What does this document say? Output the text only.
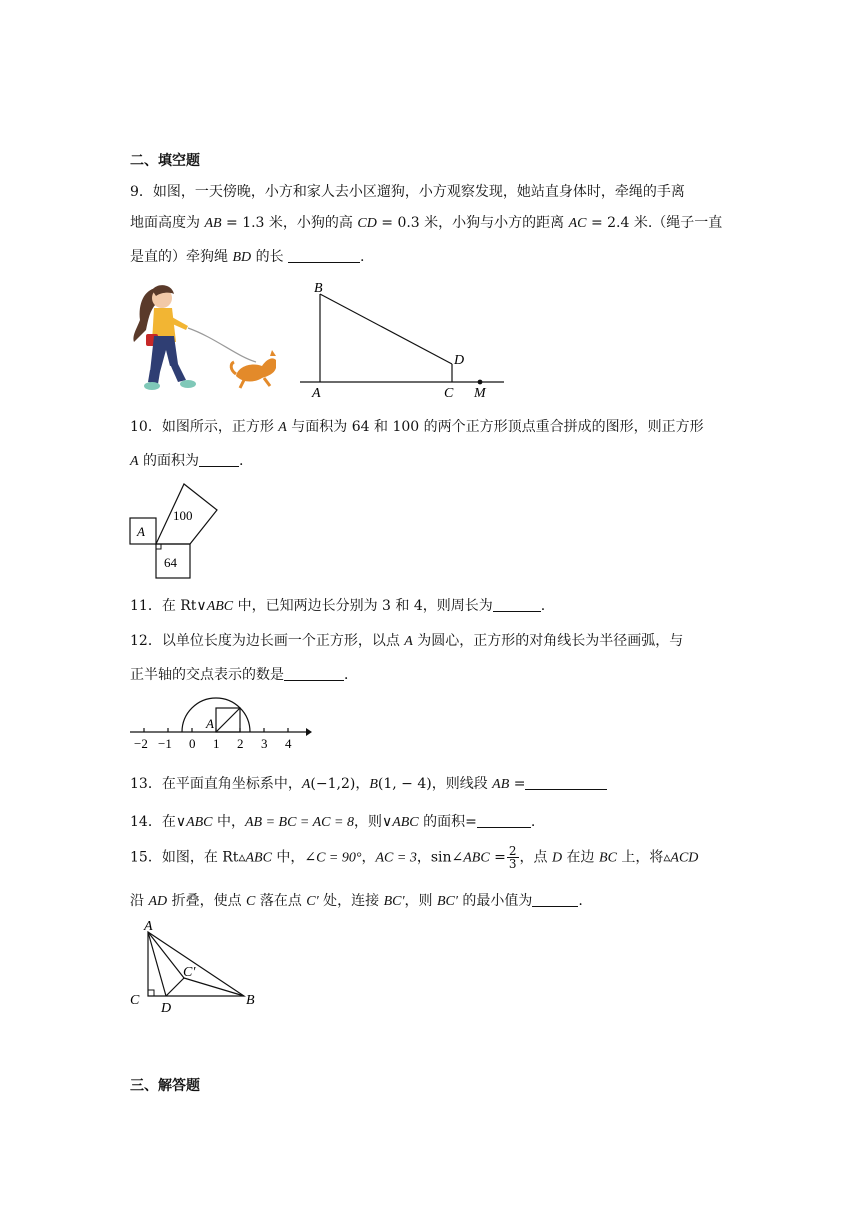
二、填空题
9．如图，一天傍晚，小方和家人去小区遛狗，小方观察发现，她站直身体时，牵绳的手离
地面高度为 AB = 1.3 米，小狗的高 CD = 0.3 米，小狗与小方的距离 AC = 2.4 米.（绳子一直
是直的）牵狗绳 BD 的长	.
B
D
A	C M
10．如图所示，正方形 A 与面积为 64 和 100 的两个正方形顶点重合拼成的图形，则正方形
A 的面积为	.
100
64
A
11．在 Rt∨ABC 中，已知两边长分别为 3 和 4，则周长为	.
12．以单位长度为边长画一个正方形，以点 A 为圆心，正方形的对角线长为半径画弧，与
正半轴的交点表示的数是	．
A
−2 −1 0 1 2 3 4
13．在平面直角坐标系中，A(−1,2)，B(1, − 4)，则线段 AB =
14．在∨ABC 中，AB = BC = AC = 8，则∨ABC 的面积=	.
15．如图，在 Rt▵ABC 中，∠C = 90°，AC = 3，sin∠ABC = $\frac{2}{3}$ ，点 D 在边 BC 上，将▵ACD
沿 AD 折叠，使点 C 落在点 C′ 处，连接 BC′，则 BC′ 的最小值为	.
A
C
D
B
C′
三、解答题
